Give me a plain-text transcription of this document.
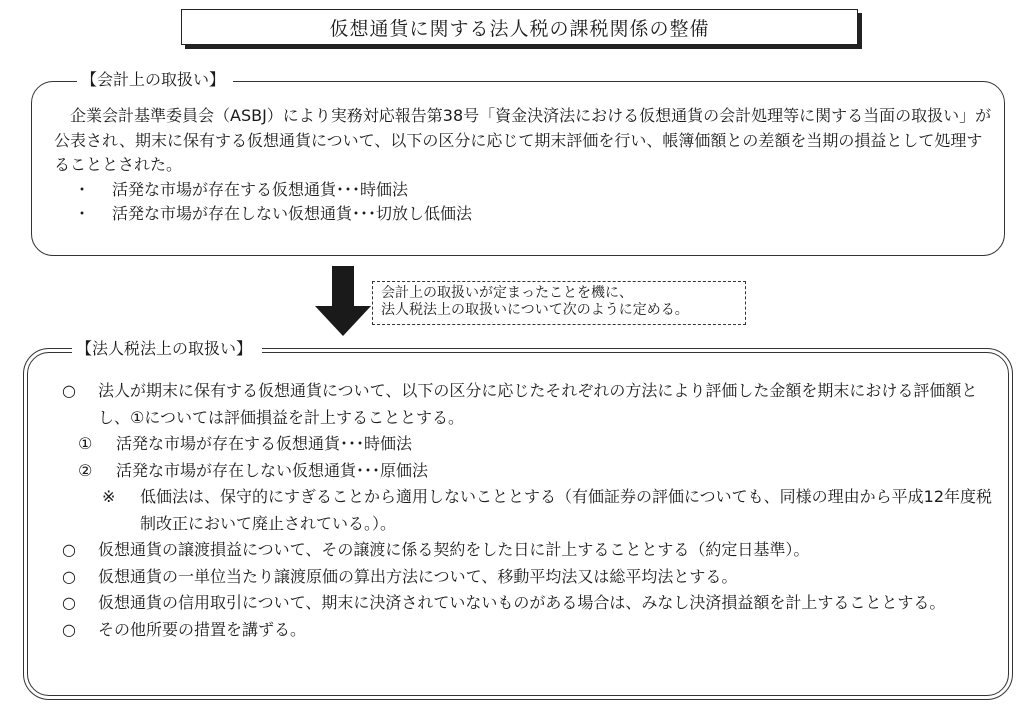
仮想通貨に関する法人税の課税関係の整備

企業会計基準委員会（ASBJ）により実務対応報告第38号「資金決済法における仮想通貨の会計処理等に関する当面の取扱い」が公表され、期末に保有する仮想通貨について、以下の区分に応じて期末評価を行い、帳簿価額との差額を当期の損益として処理することとされた。

・	活発な市場が存在する仮想通貨･･･時価法
・	活発な市場が存在しない仮想通貨･･･切放し低価法
【会計上の取扱い】
会計上の取扱いが定まったことを機に、
法人税法上の取扱いについて次のように定める。
【法人税法上の取扱い】
○	法人が期末に保有する仮想通貨について、以下の区分に応じたそれぞれの方法により評価した金額を期末における評価額とし、①については評価損益を計上することとする。
①	活発な市場が存在する仮想通貨･･･時価法
②	活発な市場が存在しない仮想通貨･･･原価法
※	低価法は、保守的にすぎることから適用しないこととする（有価証券の評価についても、同様の理由から平成12年度税制改正において廃止されている。）。
○	仮想通貨の譲渡損益について、その譲渡に係る契約をした日に計上することとする（約定日基準）。
○	仮想通貨の一単位当たり譲渡原価の算出方法について、移動平均法又は総平均法とする。
○	仮想通貨の信用取引について、期末に決済されていないものがある場合は、みなし決済損益額を計上することとする。
○	その他所要の措置を講ずる。
